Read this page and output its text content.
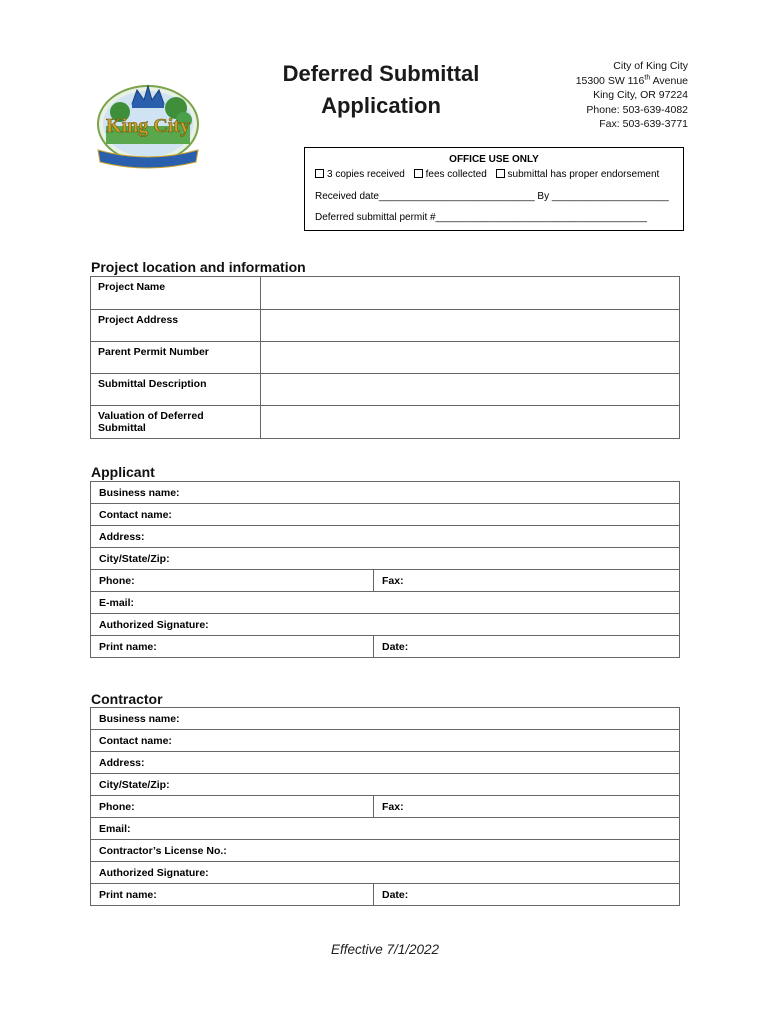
King City
Deferred Submittal
Application
City of King City
15300 SW 116th Avenue
King City, OR 97224
Phone: 503-639-4082
Fax: 503-639-3771
OFFICE USE ONLY
3 copies received fees collected submittal has proper endorsement
Received date____________________________ By _____________________
Deferred submittal permit #______________________________________
Project location and information
Project Name	
Project Address	
Parent Permit Number	
Submittal Description	
Valuation of Deferred Submittal	
Applicant
Business name:	
Contact name:	
Address:	
City/State/Zip:	
Phone:	Fax:
E-mail:	
Authorized Signature:	
Print name:	Date:
Contractor
Business name:	
Contact name:	
Address:	
City/State/Zip:	
Phone:	Fax:
Email:	
Contractor’s License No.:	
Authorized Signature:	
Print name:	Date:
Effective 7/1/2022
